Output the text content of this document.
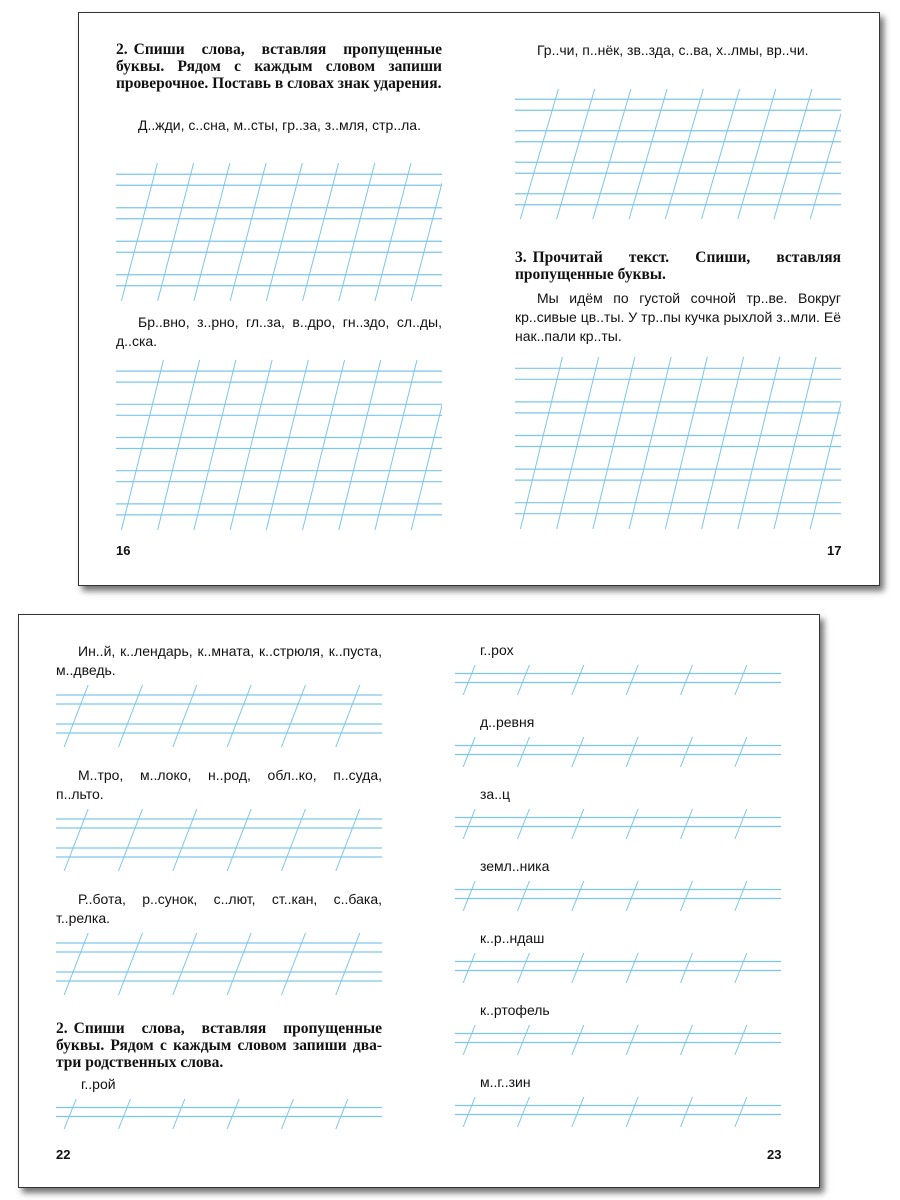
2. Спиши слова, вставляя пропущенные буквы. Рядом с каждым словом запиши проверочное. Поставь в словах знак ударения.

Д..жди, с..сна, м..сты, гр..за, з..мля, стр..ла.

Бр..вно, з..рно, гл..за, в..дро, гн..здо, сл..ды, д..ска.

16

Гр..чи, п..нёк, зв..зда, с..ва, х..лмы, вр..чи.

3. Прочитай текст. Спиши, вставляя пропущенные буквы.

Мы идём по густой сочной тр..ве. Вокруг кр..сивые цв..ты. У тр..пы кучка рыхлой з..мли. Её нак..пали кр..ты.

17

Ин..й, к..лендарь, к..мната, к..стрюля, к..пуста, м..дведь.

М..тро, м..локо, н..род, обл..ко, п..суда, п..льто.

Р..бота, р..сунок, с..лют, ст..кан, с..бака, т..релка.

2. Спиши слова, вставляя пропущенные буквы. Рядом с каждым словом запиши два-три родственных слова.

г..рой

22

г..рох

д..ревня

за..ц

земл..ника

к..р..ндаш

к..ртофель

м..г..зин

23
